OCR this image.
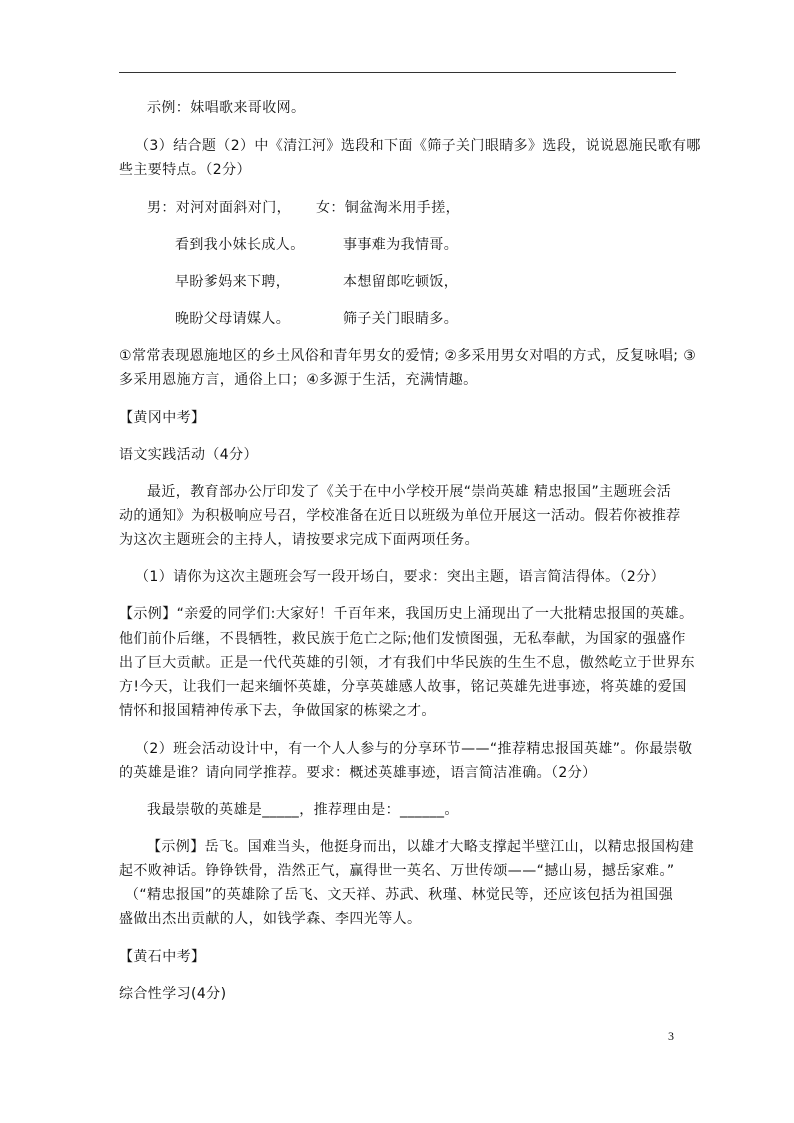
示例：妹唱歌来哥收网。
（3）结合题（2）中《清江河》选段和下面《筛子关门眼睛多》选段，说说恩施民歌有哪
些主要特点。（2分）
男：对河对面斜对门， 女：铜盆淘米用手搓，
看到我小妹长成人。	事事难为我情哥。
早盼爹妈来下聘，	本想留郎吃顿饭，
晚盼父母请媒人。	筛子关门眼睛多。
①常常表现恩施地区的乡土风俗和青年男女的爱情; ②多采用男女对唱的方式，反复咏唱; ③
多采用恩施方言，通俗上口；④多源于生活，充满情趣。
【黄冈中考】
语文实践活动（4分）
最近，教育部办公厅印发了《关于在中小学校开展“崇尚英雄 精忠报国”主题班会活
动的通知》为积极响应号召，学校准备在近日以班级为单位开展这一活动。假若你被推荐
为这次主题班会的主持人，请按要求完成下面两项任务。
（1）请你为这次主题班会写一段开场白，要求：突出主题，语言简洁得体。（2分）
【示例】“亲爱的同学们:大家好！千百年来，我国历史上涌现出了一大批精忠报国的英雄。
他们前仆后继，不畏牺牲，救民族于危亡之际;他们发愤图强，无私奉献，为国家的强盛作
出了巨大贡献。正是一代代英雄的引领，才有我们中华民族的生生不息，傲然屹立于世界东
方!今天，让我们一起来缅怀英雄，分享英雄感人故事，铭记英雄先进事迹，将英雄的爱国
情怀和报国精神传承下去，争做国家的栋梁之才。
（2）班会活动设计中，有一个人人参与的分享环节——“推荐精忠报国英雄”。你最崇敬
的英雄是谁？请向同学推荐。要求：概述英雄事迹，语言简洁准确。（2分）
我最崇敬的英雄是_____，推荐理由是：______。
【示例】岳飞。国难当头，他挺身而出，以雄才大略支撑起半壁江山，以精忠报国构建
起不败神话。铮铮铁骨，浩然正气，赢得世一英名、万世传颂——“撼山易，撼岳家难。”
（“精忠报国”的英雄除了岳飞、文天祥、苏武、秋瑾、林觉民等，还应该包括为祖国强
盛做出杰出贡献的人，如钱学森、李四光等人。
【黄石中考】
综合性学习(4分)
3
